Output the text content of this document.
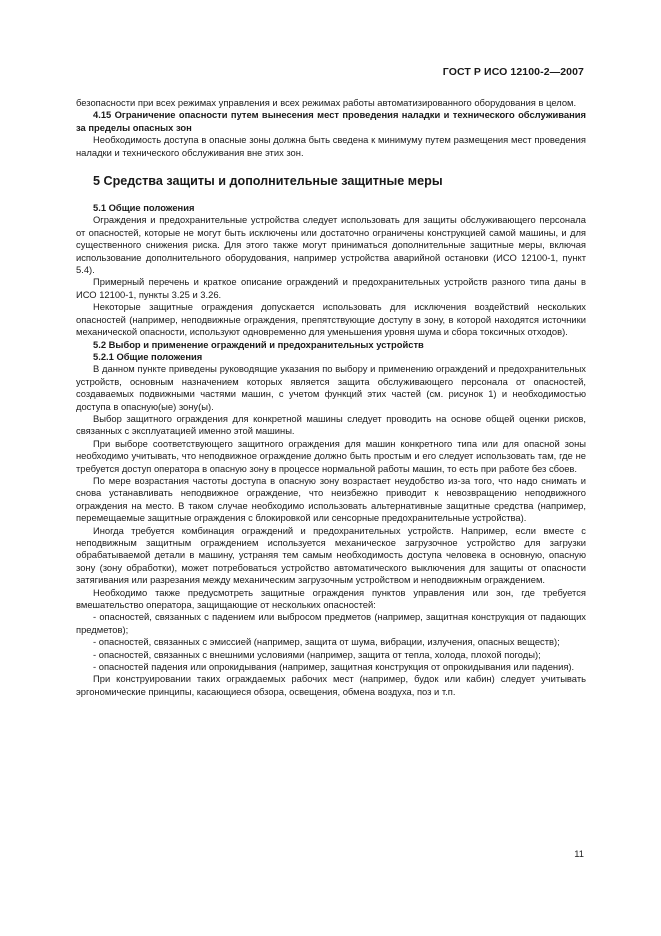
ГОСТ Р ИСО 12100-2—2007

безопасности при всех режимах управления и всех режимах работы автоматизированного оборудования в целом.

4.15 Ограничение опасности путем вынесения мест проведения наладки и технического обслуживания за пределы опасных зон

Необходимость доступа в опасные зоны должна быть сведена к минимуму путем размещения мест проведения наладки и технического обслуживания вне этих зон.

5 Средства защиты и дополнительные защитные меры

5.1 Общие положения

Ограждения и предохранительные устройства следует использовать для защиты обслуживающего персонала от опасностей, которые не могут быть исключены или достаточно ограничены конструкцией самой машины, и для существенного снижения риска. Для этого также могут приниматься дополнительные защитные меры, включая использование дополнительного оборудования, например устройства аварийной остановки (ИСО 12100-1, пункт 5.4).

Примерный перечень и краткое описание ограждений и предохранительных устройств разного типа даны в ИСО 12100-1, пункты 3.25 и 3.26.

Некоторые защитные ограждения допускается использовать для исключения воздействий нескольких опасностей (например, неподвижные ограждения, препятствующие доступу в зону, в которой находятся источники механической опасности, используют одновременно для уменьшения уровня шума и сбора токсичных отходов).

5.2 Выбор и применение ограждений и предохранительных устройств

5.2.1 Общие положения

В данном пункте приведены руководящие указания по выбору и применению ограждений и предохранительных устройств, основным назначением которых является защита обслуживающего персонала от опасностей, создаваемых подвижными частями машин, с учетом функций этих частей (см. рисунок 1) и необходимостью доступа в опасную(ые) зону(ы).

Выбор защитного ограждения для конкретной машины следует проводить на основе общей оценки рисков, связанных с эксплуатацией именно этой машины.

При выборе соответствующего защитного ограждения для машин конкретного типа или для опасной зоны необходимо учитывать, что неподвижное ограждение должно быть простым и его следует использовать там, где не требуется доступ оператора в опасную зону в процессе нормальной работы машин, то есть при работе без сбоев.

По мере возрастания частоты доступа в опасную зону возрастает неудобство из-за того, что надо снимать и снова устанавливать неподвижное ограждение, что неизбежно приводит к невозвращению неподвижного ограждения на место. В таком случае необходимо использовать альтернативные защитные средства (например, перемещаемые защитные ограждения с блокировкой или сенсорные предохранительные устройства).

Иногда требуется комбинация ограждений и предохранительных устройств. Например, если вместе с неподвижным защитным ограждением используется механическое загрузочное устройство для загрузки обрабатываемой детали в машину, устраняя тем самым необходимость доступа человека в основную, опасную зону (зону обработки), может потребоваться устройство автоматического выключения для защиты от опасности затягивания или разрезания между механическим загрузочным устройством и неподвижным ограждением.

Необходимо также предусмотреть защитные ограждения пунктов управления или зон, где требуется вмешательство оператора, защищающие от нескольких опасностей:

- опасностей, связанных с падением или выбросом предметов (например, защитная конструкция от падающих предметов);

- опасностей, связанных с эмиссией (например, защита от шума, вибрации, излучения, опасных веществ);

- опасностей, связанных с внешними условиями (например, защита от тепла, холода, плохой погоды);

- опасностей падения или опрокидывания (например, защитная конструкция от опрокидывания или падения).

При конструировании таких ограждаемых рабочих мест (например, будок или кабин) следует учитывать эргономические принципы, касающиеся обзора, освещения, обмена воздуха, поз и т.п.

11
